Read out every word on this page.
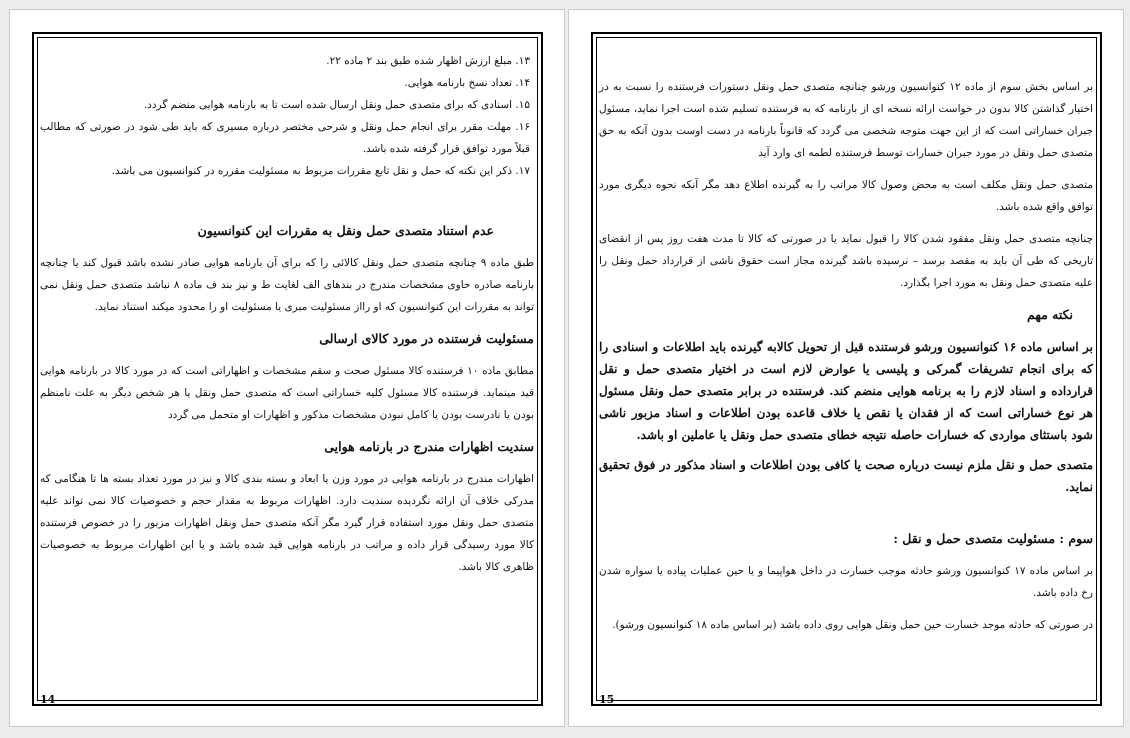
۱۳. مبلغ ارزش اظهار شده طبق بند ۲ ماده ۲۲.
۱۴. تعداد نسخ بارنامه هوایی.
۱۵. اسنادی که برای متصدی حمل ونقل ارسال شده است تا به بارنامه هوایی منضم گردد.
۱۶. مهلت مقرر برای انجام حمل ونقل و شرحی مختصر درباره مسیری که باید طی شود در صورتی که مطالب قبلاً مورد توافق قرار گرفته شده باشد.
۱۷. ذکر این نکته که حمل و نقل تابع مقررات مربوط به مسئولیت مقرره در کنوانسیون می باشد.
عدم استناد متصدی حمل ونقل به مقررات این کنوانسیون
طبق ماده ۹ چنانچه متصدی حمل ونقل کالائی را که برای آن بارنامه هوایی صادر نشده باشد قبول کند یا چنانچه بارنامه صادره حاوی مشخصات مندرج در بندهای الف لغایت ط و نیز بند ف ماده ۸ نباشد متصدی حمل ونقل نمی تواند به مقررات این کنوانسیون که او رااز مسئولیت مبری یا مسئولیت او را محدود میکند استناد نماید.
مسئولیت فرستنده در مورد کالای ارسالی
مطابق ماده ۱۰ فرستنده کالا مسئول صحت و سقم مشخصات و اظهاراتی است که در مورد کالا در بارنامه هوایی قید مینماید. فرستنده کالا مسئول کلیه خساراتی است که متصدی حمل ونقل یا هر شخص دیگر به علت نامنظم بودن یا نادرست بودن یا کامل نبودن مشخصات مذکور و اظهارات او متحمل می گردد
سندیت اظهارات مندرج در بارنامه هوایی
اظهارات مندرج در بارنامه هوایی در مورد وزن یا ابعاد و بسته بندی کالا و نیز در مورد تعداد بسته ها تا هنگامی که مدرکی خلاف آن ارائه نگردیده سندیت دارد. اظهارات مربوط به مقدار حجم و خصوصیات کالا نمی تواند علیه متصدی حمل ونقل مورد استفاده قرار گیرد مگر آنکه متصدی حمل ونقل اظهارات مزبور را در خصوص فرستنده کالا مورد رسیدگی قرار داده و مراتب در بارنامه هوایی قید شده باشد و یا این اظهارات مربوط به خصوصیات ظاهری کالا باشد.
14
بر اساس بخش سوم از ماده ۱۲ کنوانسیون ورشو چنانچه متصدی حمل ونقل دستورات فرستنده را نسبت به در اختیار گذاشتن کالا بدون در خواست ارائه نسخه ای از بارنامه که به فرستنده تسلیم شده است اجرا نماید، مسئول جبران خساراتی است که از این جهت متوجه شخصی می گردد که قانوناً بارنامه در دست اوست بدون آنکه به حق متصدی حمل ونقل در مورد جبران خسارات توسط فرستنده لطمه ای وارد آید
متصدی حمل ونقل مکلف است به محض وصول کالا مراتب را به گیرنده اطلاع دهد مگر آنکه نحوه دیگری مورد توافق واقع شده باشد.
چنانچه متصدی حمل ونقل مفقود شدن کالا را قبول نماید یا در صورتی که کالا تا مدت هفت روز پس از انقضای تاریخی که طی آن باید به مقصد برسد – نرسیده باشد گیرنده مجاز است حقوق ناشی از قرارداد حمل ونقل را علیه متصدی حمل ونقل به مورد اجرا بگذارد.
نکته مهم
بر اساس ماده ۱۶ کنوانسیون ورشو فرستنده قبل از تحویل کالابه گیرنده باید اطلاعات و اسنادی را که برای انجام تشریفات گمرکی و پلیسی یا عوارض لازم است در اختیار متصدی حمل و نقل قرارداده و اسناد لازم را به برنامه هوایی منضم کند. فرستنده در برابر متصدی حمل ونقل مسئول هر نوع خساراتی است که از فقدان یا نقص یا خلاف قاعده بودن اطلاعات و اسناد مزبور ناشی شود باستثای مواردی که خسارات حاصله نتیجه خطای متصدی حمل ونقل یا عاملین او باشد.
متصدی حمل و نقل ملزم نیست درباره صحت یا کافی بودن اطلاعات و اسناد مذکور در فوق تحقیق نماید.
سوم : مسئولیت متصدی حمل و نقل :
بر اساس ماده ۱۷ کنوانسیون ورشو حادثه موجب خسارت در داخل هواپیما و یا حین عملیات پیاده یا سواره شدن رخ داده باشد.
در صورتی که حادثه موجد خسارت حین حمل ونقل هوایی روی داده باشد (بر اساس ماده ۱۸ کنوانسیون ورشو).
15
